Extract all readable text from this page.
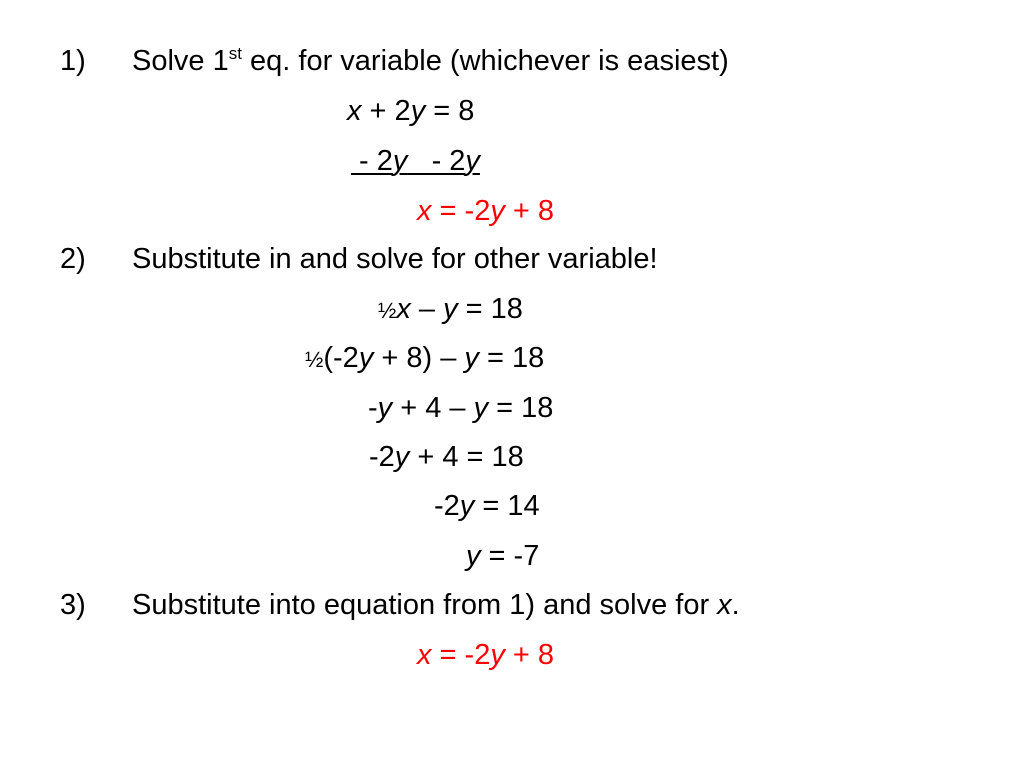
1) Solve 1st eq. for variable (whichever is easiest)
x + 2y = 8
- 2y   - 2y
x = -2y + 8
2) Substitute in and solve for other variable!
½x – y = 18
½(-2y + 8) – y = 18
-y + 4 – y = 18
-2y + 4 = 18
-2y = 14
y = -7
3) Substitute into equation from 1) and solve for x.
x = -2y + 8
